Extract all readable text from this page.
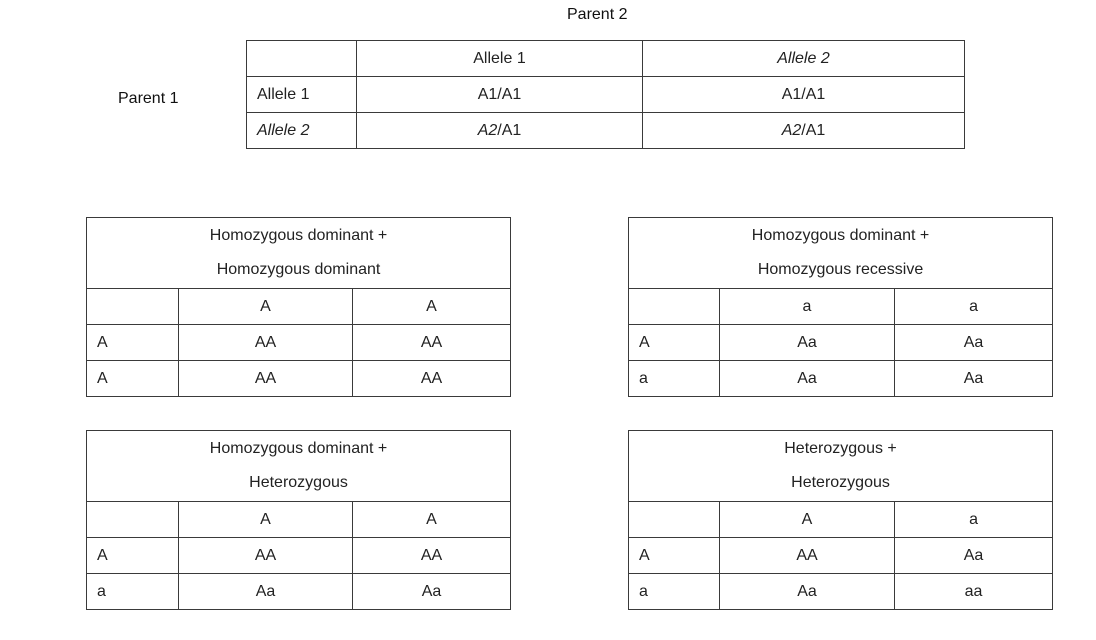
Parent 2
Parent 1
	Allele 1	Allele 2
Allele 1	A1/A1	A1/A1
Allele 2	A2/A1	A2/A1
Homozygous dominant +
Homozygous dominant		

	A	A
A	AA	AA
A	AA	AA
Homozygous dominant +
Homozygous recessive		

	a	a
A	Aa	Aa
a	Aa	Aa
Homozygous dominant +
Heterozygous		

	A	A
A	AA	AA
a	Aa	Aa
Heterozygous +
Heterozygous		

	A	a
A	AA	Aa
a	Aa	aa
